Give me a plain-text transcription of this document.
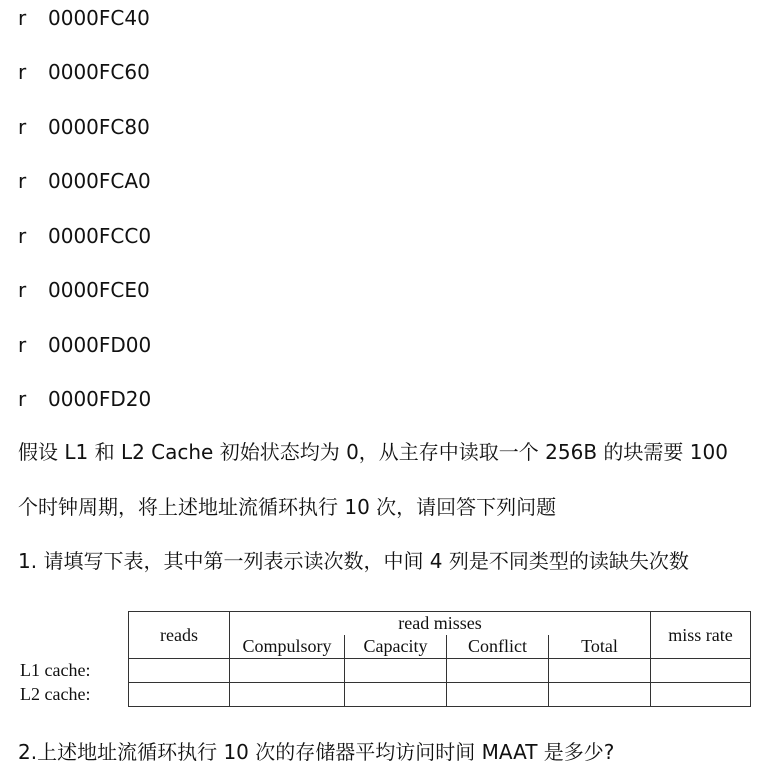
r 0000FC40
r 0000FC60
r 0000FC80
r 0000FCA0
r 0000FCC0
r 0000FCE0
r 0000FD00
r 0000FD20
假设 L1 和 L2 Cache 初始状态均为 0，从主存中读取一个 256B 的块需要 100
个时钟周期，将上述地址流循环执行 10 次，请回答下列问题
1. 请填写下表，其中第一列表示读次数，中间 4 列是不同类型的读缺失次数
	reads	read misses				miss rate
		Compulsory	Capacity	Conflict	Total	
L1 cache:						
L2 cache:						
2.上述地址流循环执行 10 次的存储器平均访问时间 MAAT 是多少?
